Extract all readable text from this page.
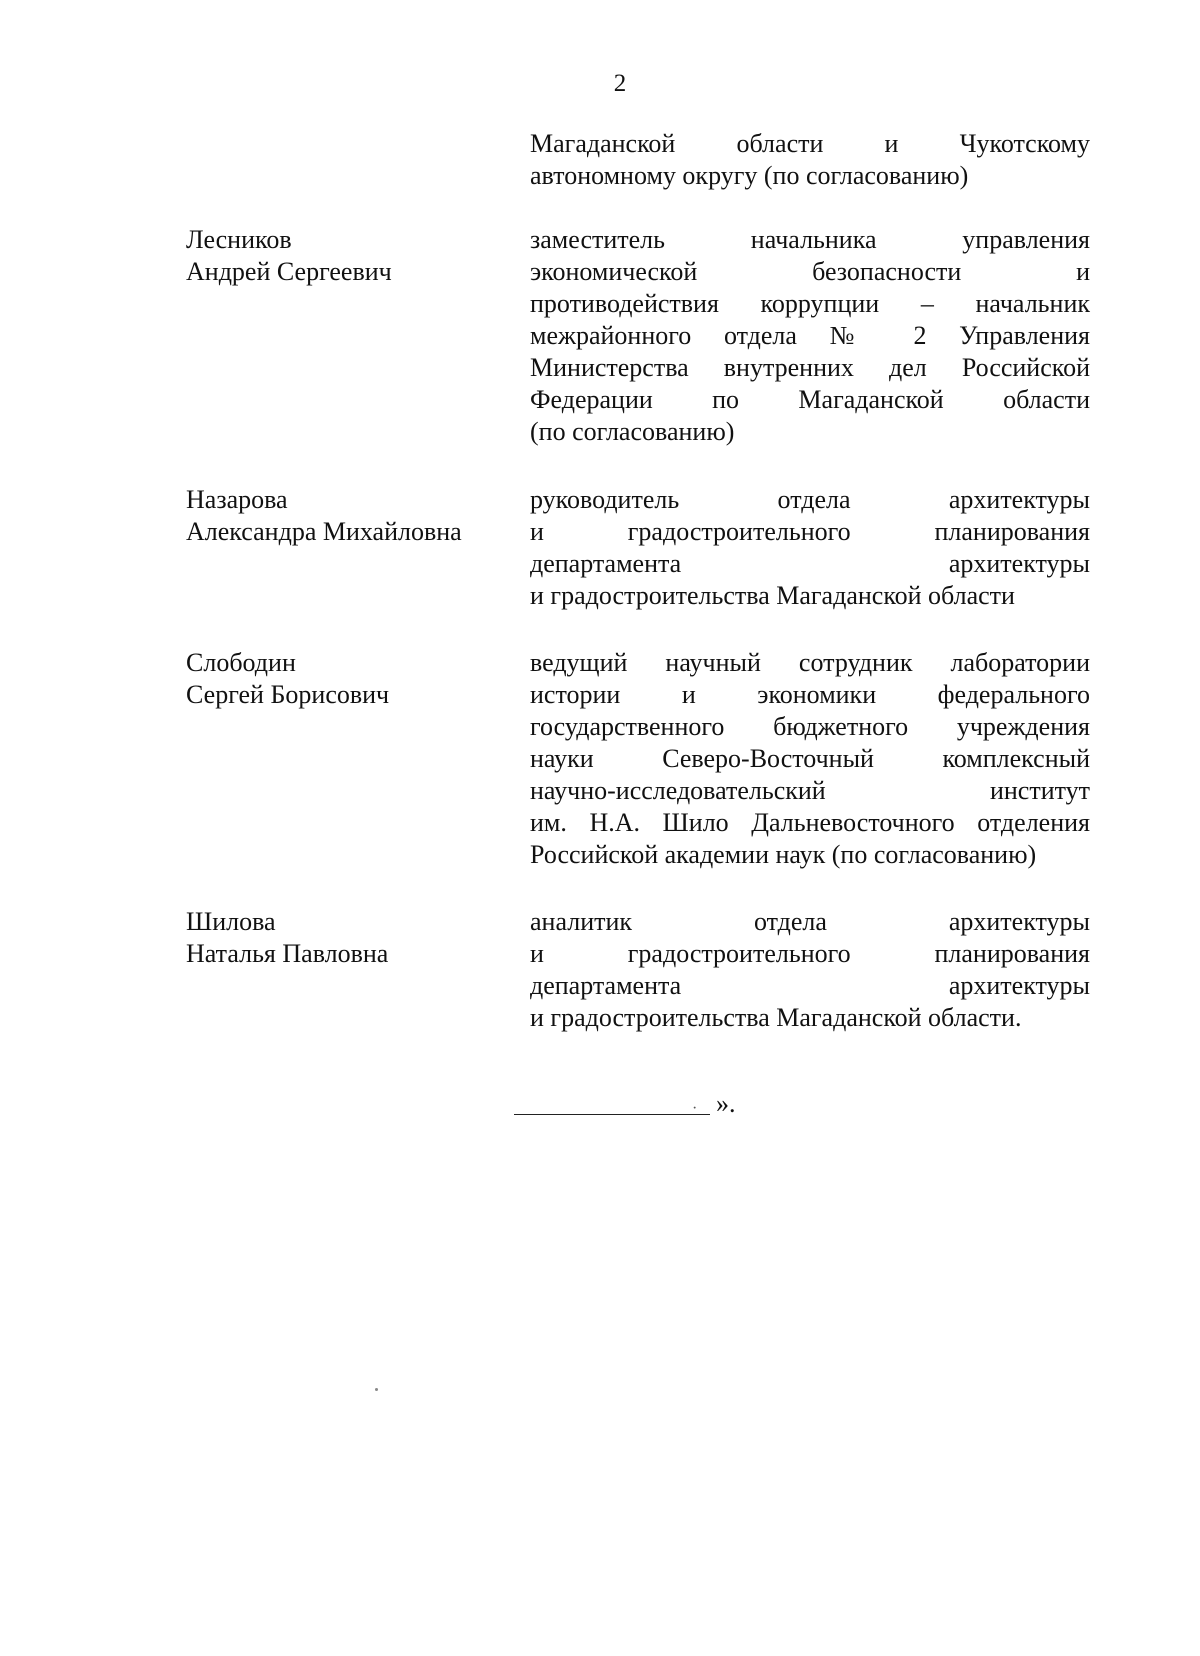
2
Магаданской области и Чукотскому
автономному округу (по согласованию)
Лесников
Андрей Сергеевич
заместитель начальника управления
экономической безопасности и
противодействия коррупции – начальник
межрайонного отдела № 2 Управления
Министерства внутренних дел Российской
Федерации по Магаданской области
(по согласованию)
Назарова
Александра Михайловна
руководитель отдела архитектуры
и градостроительного планирования
департамента архитектуры
и градостроительства Магаданской области
Слободин
Сергей Борисович
ведущий научный сотрудник лаборатории
истории и экономики федерального
государственного бюджетного учреждения
науки Северо-Восточный комплексный
научно-исследовательский институт
им. Н.А. Шило Дальневосточного отделения
Российской академии наук (по согласованию)
Шилова
Наталья Павловна
аналитик отдела архитектуры
и градостроительного планирования
департамента архитектуры
и градостроительства Магаданской области.
· ».
